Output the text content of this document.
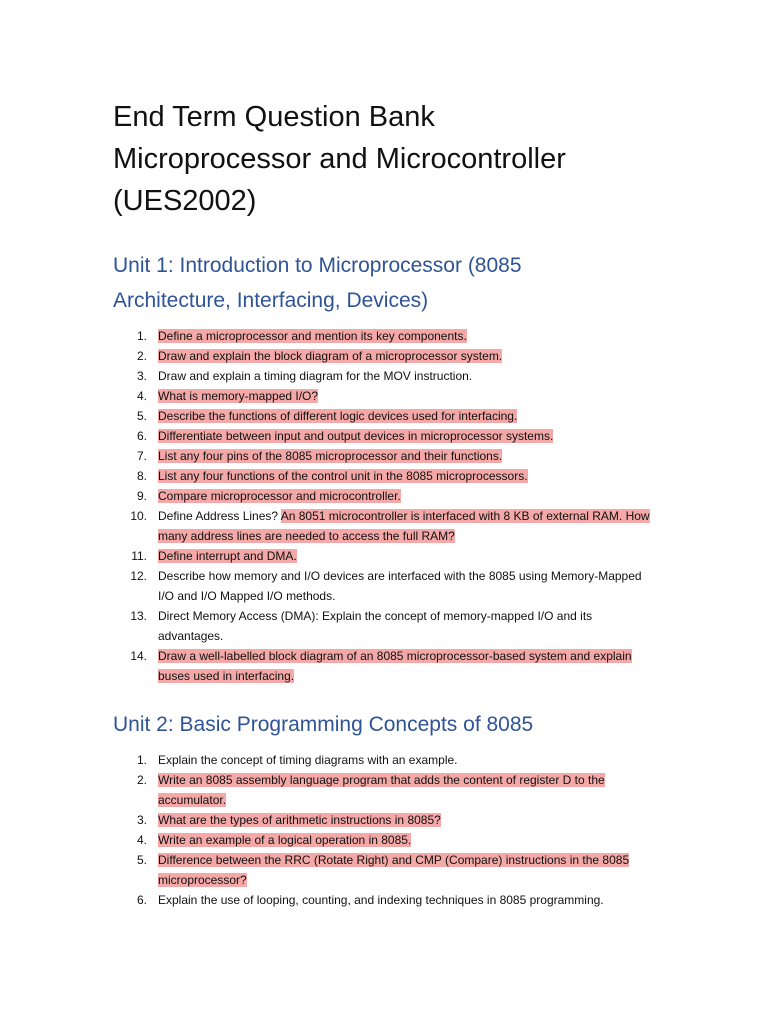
End Term Question Bank
Microprocessor and Microcontroller
(UES2002)
Unit 1: Introduction to Microprocessor (8085
Architecture, Interfacing, Devices)
1. Define a microprocessor and mention its key components.
2. Draw and explain the block diagram of a microprocessor system.
3. Draw and explain a timing diagram for the MOV instruction.
4. What is memory-mapped I/O?
5. Describe the functions of different logic devices used for interfacing.
6. Differentiate between input and output devices in microprocessor systems.
7. List any four pins of the 8085 microprocessor and their functions.
8. List any four functions of the control unit in the 8085 microprocessors.
9. Compare microprocessor and microcontroller.
10. Define Address Lines? An 8051 microcontroller is interfaced with 8 KB of external RAM. How many address lines are needed to access the full RAM?
11. Define interrupt and DMA.
12. Describe how memory and I/O devices are interfaced with the 8085 using Memory-Mapped I/O and I/O Mapped I/O methods.
13. Direct Memory Access (DMA): Explain the concept of memory-mapped I/O and its advantages.
14. Draw a well-labelled block diagram of an 8085 microprocessor-based system and explain buses used in interfacing.
Unit 2: Basic Programming Concepts of 8085
1. Explain the concept of timing diagrams with an example.
2. Write an 8085 assembly language program that adds the content of register D to the accumulator.
3. What are the types of arithmetic instructions in 8085?
4. Write an example of a logical operation in 8085.
5. Difference between the RRC (Rotate Right) and CMP (Compare) instructions in the 8085 microprocessor?
6. Explain the use of looping, counting, and indexing techniques in 8085 programming.
